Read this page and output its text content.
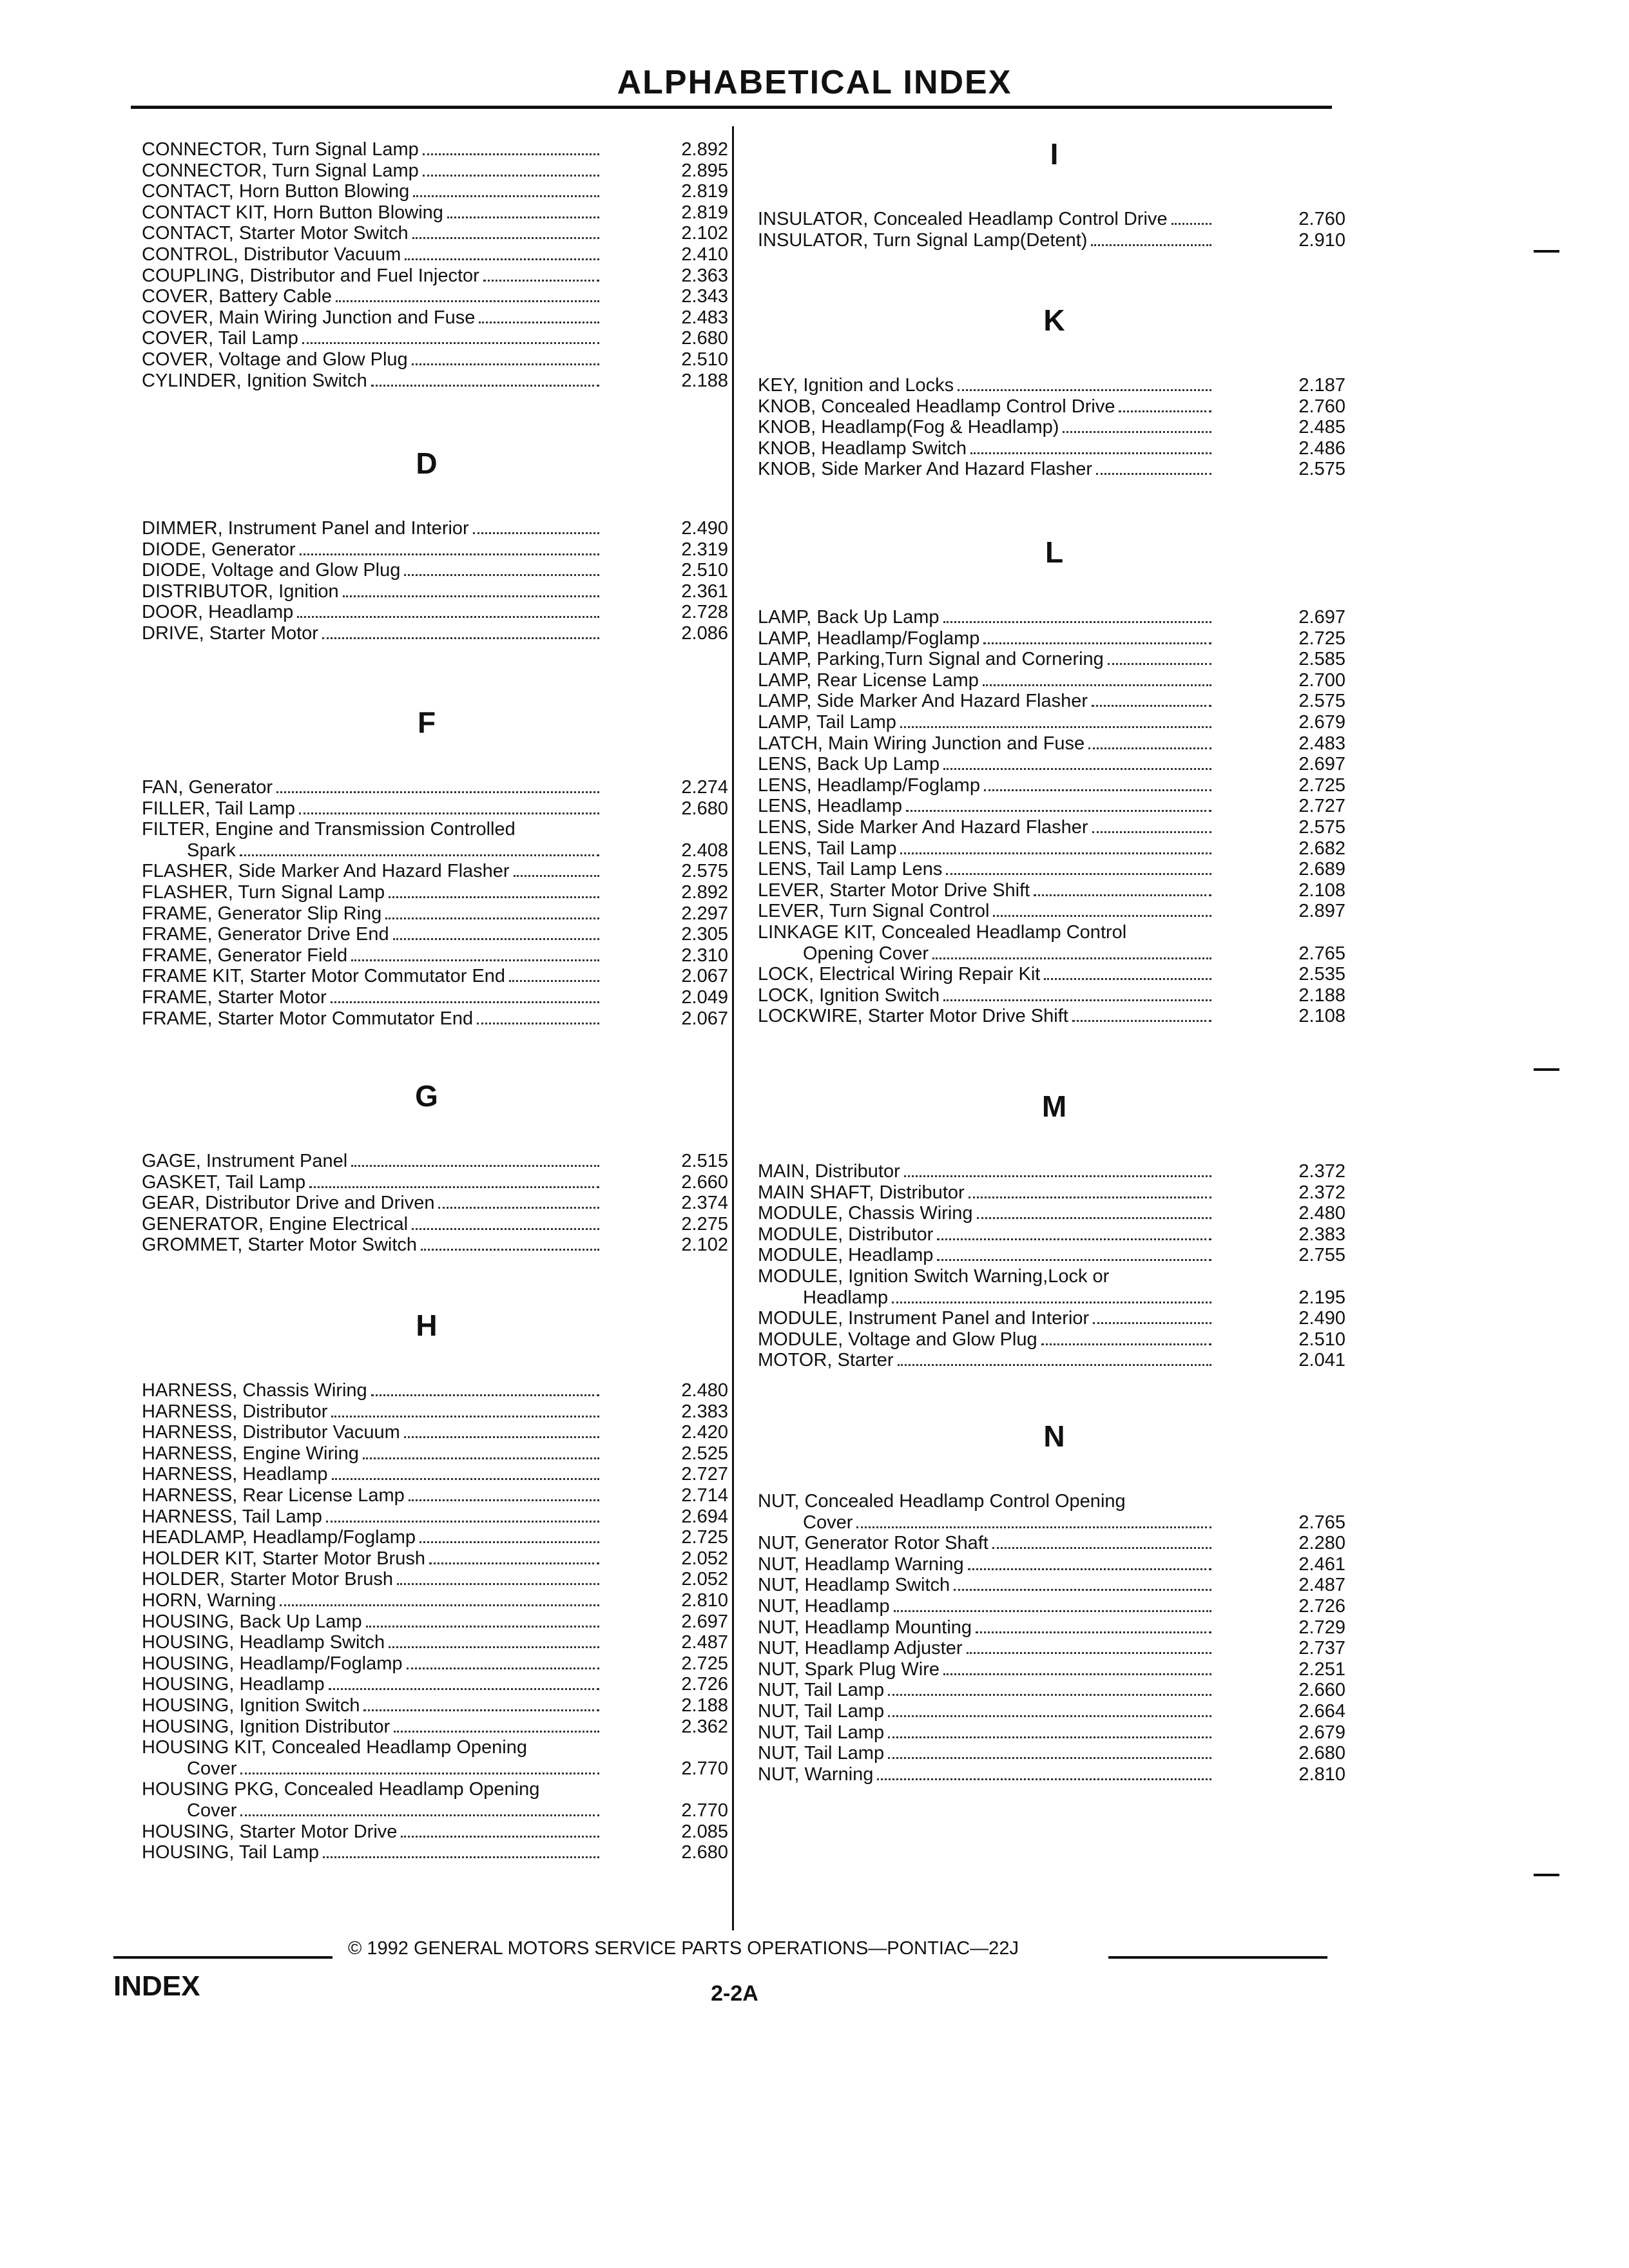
ALPHABETICAL INDEX
CONNECTOR, Turn Signal Lamp	2.892
CONNECTOR, Turn Signal Lamp	2.895
CONTACT, Horn Button Blowing	2.819
CONTACT KIT, Horn Button Blowing	2.819
CONTACT, Starter Motor Switch	2.102
CONTROL, Distributor Vacuum	2.410
COUPLING, Distributor and Fuel Injector	2.363
COVER, Battery Cable	2.343
COVER, Main Wiring Junction and Fuse	2.483
COVER, Tail Lamp	2.680
COVER, Voltage and Glow Plug	2.510
CYLINDER, Ignition Switch	2.188
D
DIMMER, Instrument Panel and Interior	2.490
DIODE, Generator	2.319
DIODE, Voltage and Glow Plug	2.510
DISTRIBUTOR, Ignition	2.361
DOOR, Headlamp	2.728
DRIVE, Starter Motor	2.086
F
FAN, Generator	2.274
FILLER, Tail Lamp	2.680
FILTER, Engine and Transmission Controlled
Spark	2.408
FLASHER, Side Marker And Hazard Flasher	2.575
FLASHER, Turn Signal Lamp	2.892
FRAME, Generator Slip Ring	2.297
FRAME, Generator Drive End	2.305
FRAME, Generator Field	2.310
FRAME KIT, Starter Motor Commutator End	2.067
FRAME, Starter Motor	2.049
FRAME, Starter Motor Commutator End	2.067
G
GAGE, Instrument Panel	2.515
GASKET, Tail Lamp	2.660
GEAR, Distributor Drive and Driven	2.374
GENERATOR, Engine Electrical	2.275
GROMMET, Starter Motor Switch	2.102
H
HARNESS, Chassis Wiring	2.480
HARNESS, Distributor	2.383
HARNESS, Distributor Vacuum	2.420
HARNESS, Engine Wiring	2.525
HARNESS, Headlamp	2.727
HARNESS, Rear License Lamp	2.714
HARNESS, Tail Lamp	2.694
HEADLAMP, Headlamp/Foglamp	2.725
HOLDER KIT, Starter Motor Brush	2.052
HOLDER, Starter Motor Brush	2.052
HORN, Warning	2.810
HOUSING, Back Up Lamp	2.697
HOUSING, Headlamp Switch	2.487
HOUSING, Headlamp/Foglamp	2.725
HOUSING, Headlamp	2.726
HOUSING, Ignition Switch	2.188
HOUSING, Ignition Distributor	2.362
HOUSING KIT, Concealed Headlamp Opening
Cover	2.770
HOUSING PKG, Concealed Headlamp Opening
Cover	2.770
HOUSING, Starter Motor Drive	2.085
HOUSING, Tail Lamp	2.680
I
INSULATOR, Concealed Headlamp Control Drive	2.760
INSULATOR, Turn Signal Lamp(Detent)	2.910
K
KEY, Ignition and Locks	2.187
KNOB, Concealed Headlamp Control Drive	2.760
KNOB, Headlamp(Fog & Headlamp)	2.485
KNOB, Headlamp Switch	2.486
KNOB, Side Marker And Hazard Flasher	2.575
L
LAMP, Back Up Lamp	2.697
LAMP, Headlamp/Foglamp	2.725
LAMP, Parking,Turn Signal and Cornering	2.585
LAMP, Rear License Lamp	2.700
LAMP, Side Marker And Hazard Flasher	2.575
LAMP, Tail Lamp	2.679
LATCH, Main Wiring Junction and Fuse	2.483
LENS, Back Up Lamp	2.697
LENS, Headlamp/Foglamp	2.725
LENS, Headlamp	2.727
LENS, Side Marker And Hazard Flasher	2.575
LENS, Tail Lamp	2.682
LENS, Tail Lamp Lens	2.689
LEVER, Starter Motor Drive Shift	2.108
LEVER, Turn Signal Control	2.897
LINKAGE KIT, Concealed Headlamp Control
Opening Cover	2.765
LOCK, Electrical Wiring Repair Kit	2.535
LOCK, Ignition Switch	2.188
LOCKWIRE, Starter Motor Drive Shift	2.108
M
MAIN, Distributor	2.372
MAIN SHAFT, Distributor	2.372
MODULE, Chassis Wiring	2.480
MODULE, Distributor	2.383
MODULE, Headlamp	2.755
MODULE, Ignition Switch Warning,Lock or
Headlamp	2.195
MODULE, Instrument Panel and Interior	2.490
MODULE, Voltage and Glow Plug	2.510
MOTOR, Starter	2.041
N
NUT, Concealed Headlamp Control Opening
Cover	2.765
NUT, Generator Rotor Shaft	2.280
NUT, Headlamp Warning	2.461
NUT, Headlamp Switch	2.487
NUT, Headlamp	2.726
NUT, Headlamp Mounting	2.729
NUT, Headlamp Adjuster	2.737
NUT, Spark Plug Wire	2.251
NUT, Tail Lamp	2.660
NUT, Tail Lamp	2.664
NUT, Tail Lamp	2.679
NUT, Tail Lamp	2.680
NUT, Warning	2.810
© 1992 GENERAL MOTORS SERVICE PARTS OPERATIONS—PONTIAC—22J
INDEX	2-2A
